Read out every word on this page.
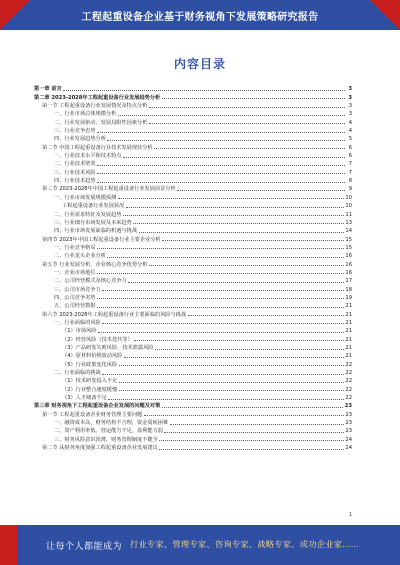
工程起重设备企业基于财务视角下发展策略研究报告
内容目录
第一章 前言	3
第二章 2023-2028年工程起重设备行业发展趋势分析	3
第一节 工程起重设备行业发展情况及特点分析	3
一、行业市场总体规模分析	3
二、行业发展驱动、发展局限性因素分析	4
三、行业竞争态势	4
四、行业发展趋势分析	5
第二节 中国工程起重设备行业技术发展现状分析	6
一、行业技术水平和技术特点	6
二、行业技术壁垒	7
三、行业技术风险	7
四、行业技术趋势	8
第三节 2023-2028年中国工程起重设备行业发展前景分析	9
一、行业市场发展规模预测	10
工程起重设备行业发展状况	10
二、行业需求特征及发展趋势	11
三、行业细分市场发展及未来趋势	13
四、行业市场发展面临的机遇与挑战	14
第四节 2023年中国工程起重设备行业主要企业分析	15
一、行业竞争格局	15
二、行业龙头企业分析	16
第五节 行业发展分析、企业核心竞争优势分析	16
一、企业市场地位	16
二、公司经营模式及核心竞争力	17
三、公司市场竞争力	18
四、公司竞争劣势	19
五、公司经营数据	21
第六节 2023-2028年工程起重设备行业主要面临的风险与挑战	21
一、行业面临的风险	21
（1）市场风险	21
（2）经营风险（技术迭代等）	21
（3）产品研发失败风险、技术泄露风险	21
（4）原材料价格波动风险	21
（5）行业政策变化风险	22
二、行业面临的挑战	22
（1）技术研发投入不足	22
（2）行业整合速度缓慢	22
（3）人才储备不足	22
第三章 财务视角下工程起重设备企业发展的问题及对策	23
第一节 工程起重设备企业财务管理主要问题	23
一、融资成本高，财务结构不合理，资金周转困难	23
二、资产利用率低，营运能力不足，盈利能力弱	23
三、财务风险意识淡薄，财务管理制度不健全	24
第二节 从财务角度加强工程起重设备企业发展建议	24
1
让每个人都能成为 行业专家、管理专家、咨询专家、战略专家、成功企业家……
